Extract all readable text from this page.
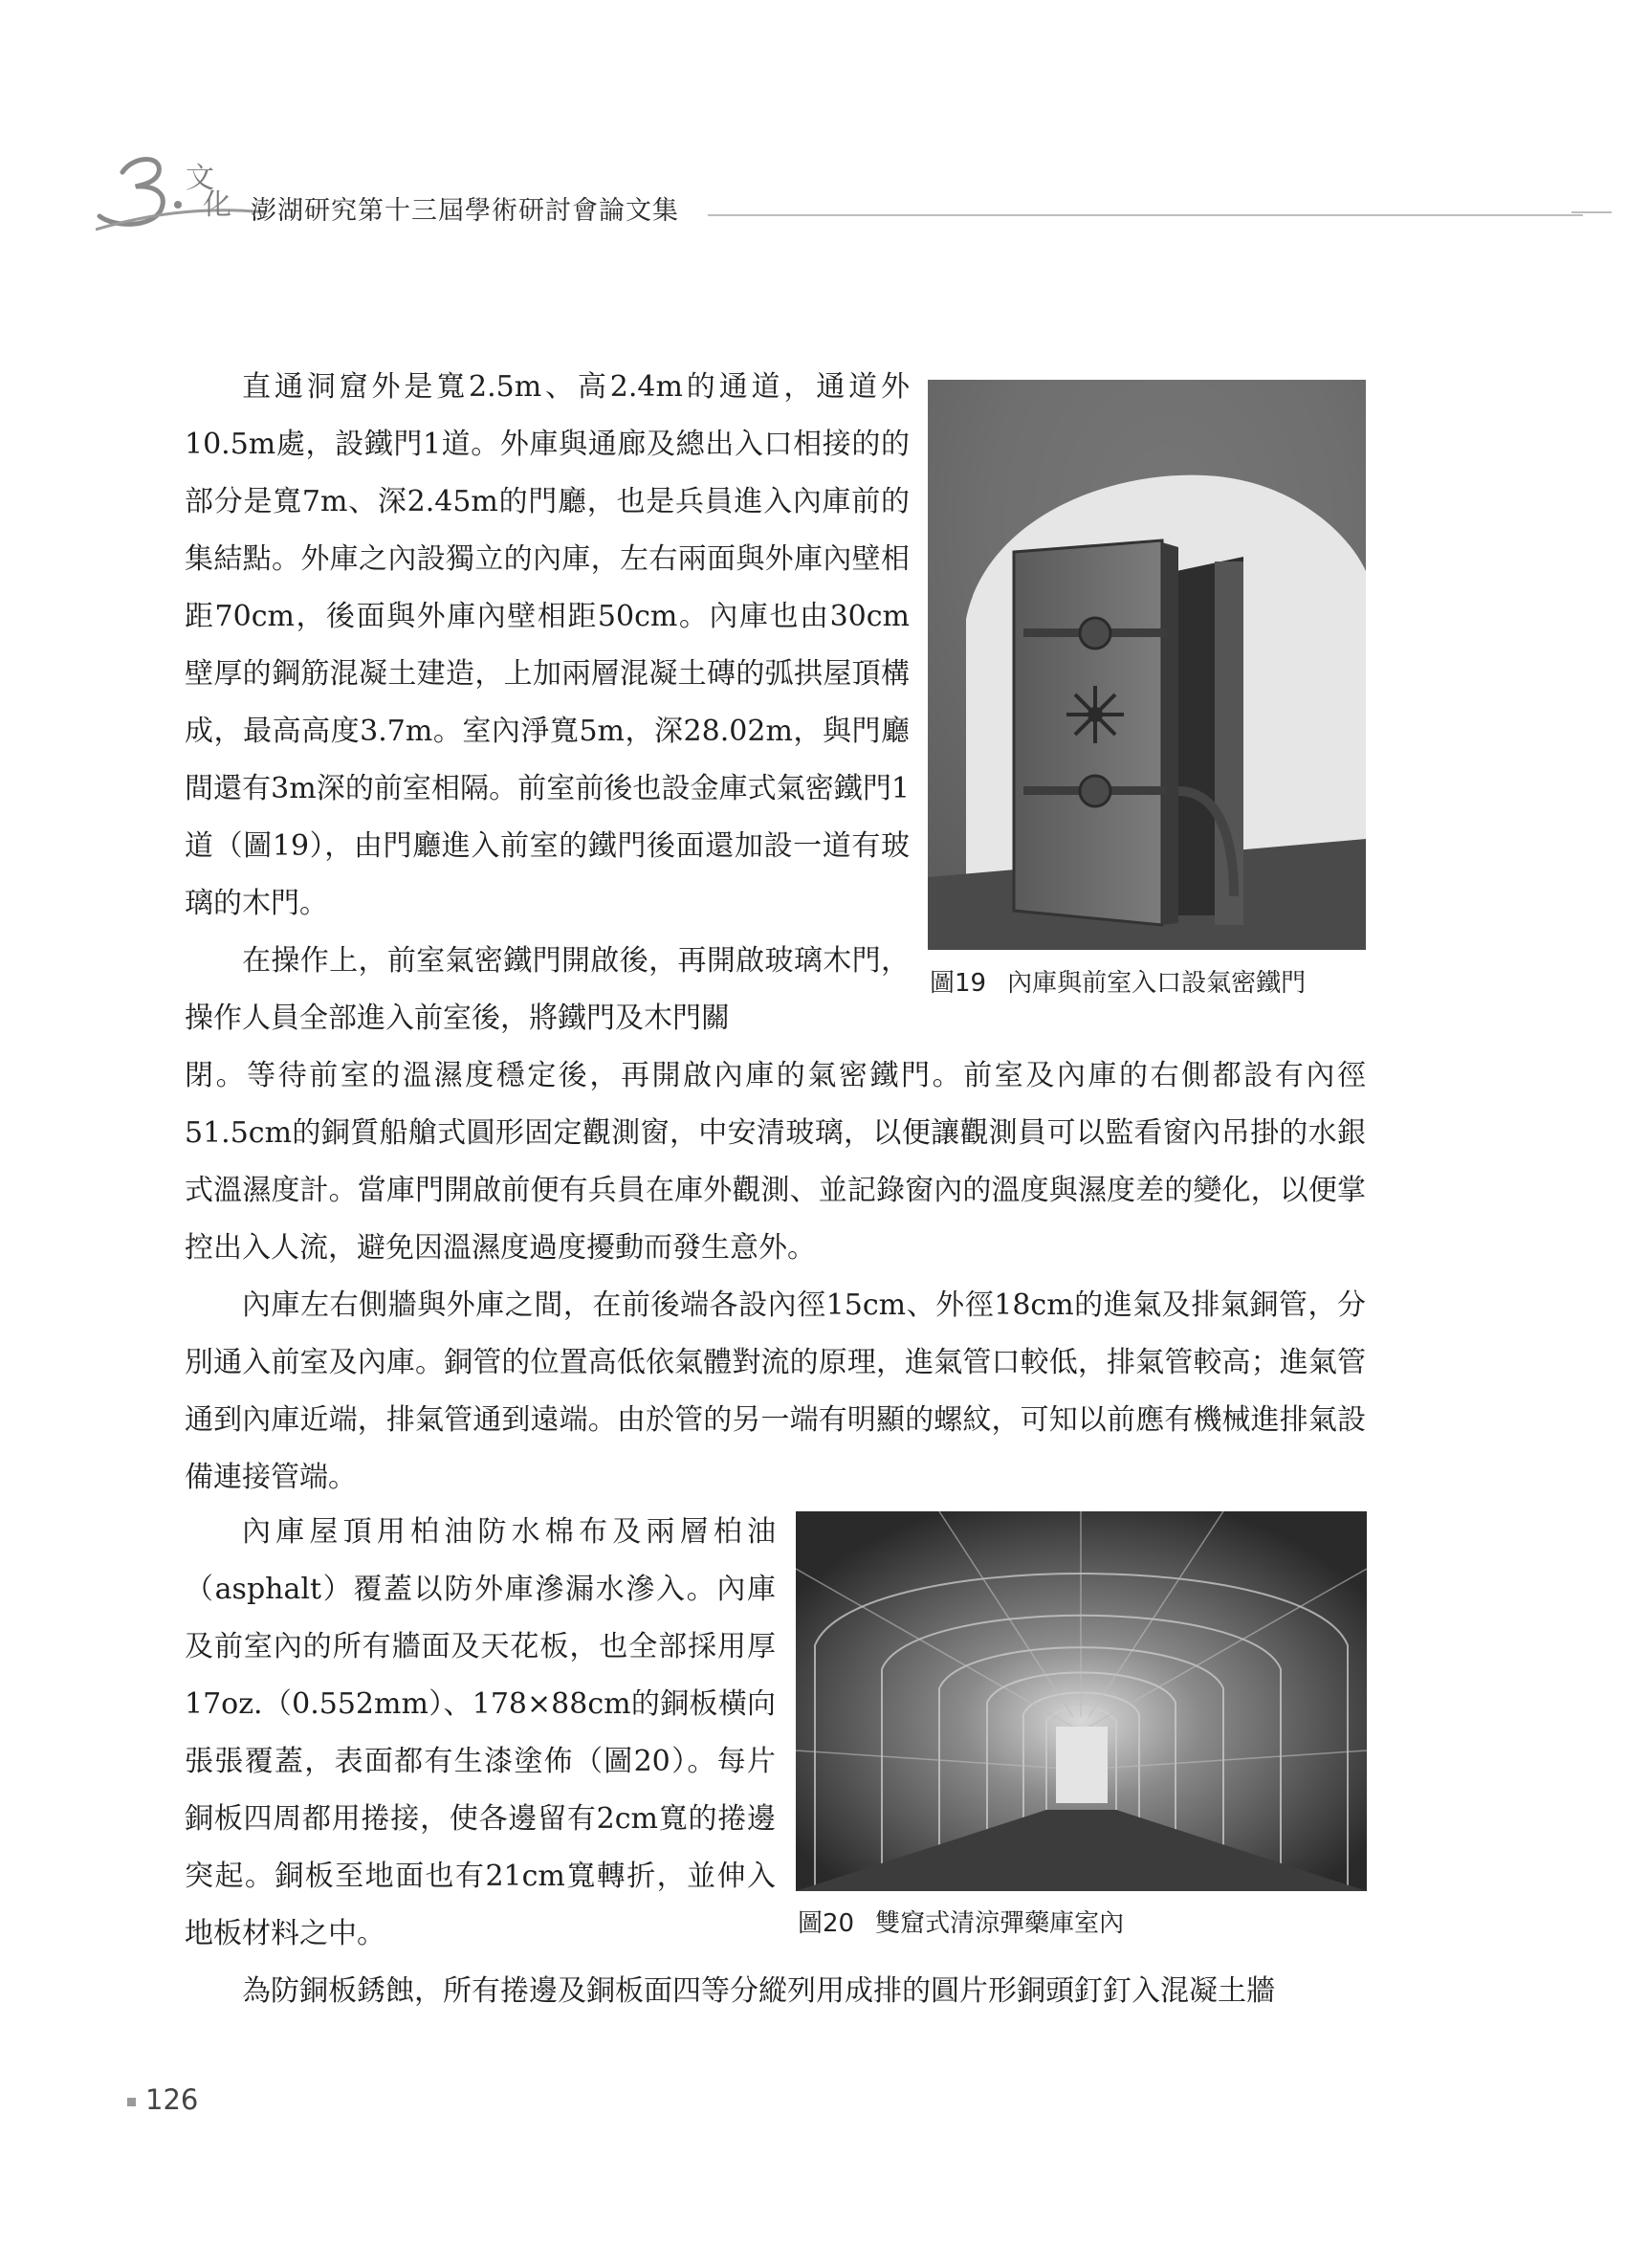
文
化 澎湖研究第十三屆學術研討會論文集

直通洞窟外是寬2.5m、高2.4m的通道，通道外10.5m處，設鐵門1道。外庫與通廊及總出入口相接的的部分是寬7m、深2.45m的門廳，也是兵員進入內庫前的集結點。外庫之內設獨立的內庫，左右兩面與外庫內壁相距70cm，後面與外庫內壁相距50cm。內庫也由30cm壁厚的鋼筋混凝土建造，上加兩層混凝土磚的弧拱屋頂構成，最高高度3.7m。室內淨寬5m，深28.02m，與門廳間還有3m深的前室相隔。前室前後也設金庫式氣密鐵門1道（圖19），由門廳進入前室的鐵門後面還加設一道有玻璃的木門。

在操作上，前室氣密鐵門開啟後，再開啟玻璃木門，操作人員全部進入前室後，將鐵門及木門關

閉。等待前室的溫濕度穩定後，再開啟內庫的氣密鐵門。前室及內庫的右側都設有內徑51.5cm的銅質船艙式圓形固定觀測窗，中安清玻璃，以便讓觀測員可以監看窗內吊掛的水銀式溫濕度計。當庫門開啟前便有兵員在庫外觀測、並記錄窗內的溫度與濕度差的變化，以便掌控出入人流，避免因溫濕度過度擾動而發生意外。

內庫左右側牆與外庫之間，在前後端各設內徑15cm、外徑18cm的進氣及排氣銅管，分別通入前室及內庫。銅管的位置高低依氣體對流的原理，進氣管口較低，排氣管較高；進氣管通到內庫近端，排氣管通到遠端。由於管的另一端有明顯的螺紋，可知以前應有機械進排氣設備連接管端。

內庫屋頂用柏油防水棉布及兩層柏油（asphalt）覆蓋以防外庫滲漏水滲入。內庫及前室內的所有牆面及天花板，也全部採用厚17oz.（0.552mm）、178×88cm的銅板橫向張張覆蓋，表面都有生漆塗佈（圖20）。每片銅板四周都用捲接，使各邊留有2cm寬的捲邊突起。銅板至地面也有21cm寬轉折，並伸入地板材料之中。

為防銅板銹蝕，所有捲邊及銅板面四等分縱列用成排的圓片形銅頭釘釘入混凝土牆

圖19 內庫與前室入口設氣密鐵門
圖20 雙窟式清涼彈藥庫室內
126
